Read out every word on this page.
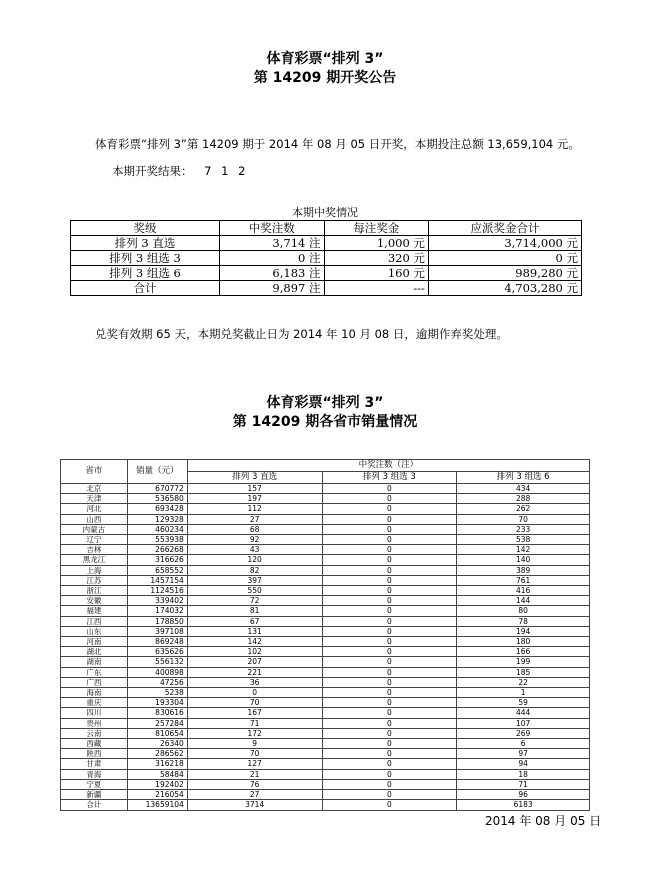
体育彩票“排列 3”
第 14209 期开奖公告
体育彩票“排列 3”第 14209 期于 2014 年 08 月 05 日开奖，本期投注总额 13,659,104 元。
本期开奖结果： 7 1 2
本期中奖情况
奖级	中奖注数	每注奖金	应派奖金合计
排列 3 直选	3,714 注	1,000 元	3,714,000 元
排列 3 组选 3	0 注	320 元	0 元
排列 3 组选 6	6,183 注	160 元	989,280 元
合计	9,897 注	---	4,703,280 元
兑奖有效期 65 天，本期兑奖截止日为 2014 年 10 月 08 日，逾期作弃奖处理。
体育彩票“排列 3”
第 14209 期各省市销量情况
省市	销量（元）	中奖注数（注）		
		排列 3 直选	排列 3 组选 3	排列 3 组选 6
北京	670772	157	0	434
天津	536580	197	0	288
河北	693428	112	0	262
山西	129328	27	0	70
内蒙古	460234	68	0	233
辽宁	553938	92	0	538
吉林	266268	43	0	142
黑龙江	316626	120	0	140
上海	658552	82	0	389
江苏	1457154	397	0	761
浙江	1124516	550	0	416
安徽	339402	72	0	144
福建	174032	81	0	80
江西	178850	67	0	78
山东	397108	131	0	194
河南	869248	142	0	180
湖北	635626	102	0	166
湖南	556132	207	0	199
广东	400898	221	0	185
广西	47256	36	0	22
海南	5238	0	0	1
重庆	193304	70	0	59
四川	830616	167	0	444
贵州	257284	71	0	107
云南	810654	172	0	269
西藏	26340	9	0	6
陕西	286562	70	0	97
甘肃	316218	127	0	94
青海	58484	21	0	18
宁夏	192402	76	0	71
新疆	216054	27	0	96
合计	13659104	3714	0	6183
2014 年 08 月 05 日
